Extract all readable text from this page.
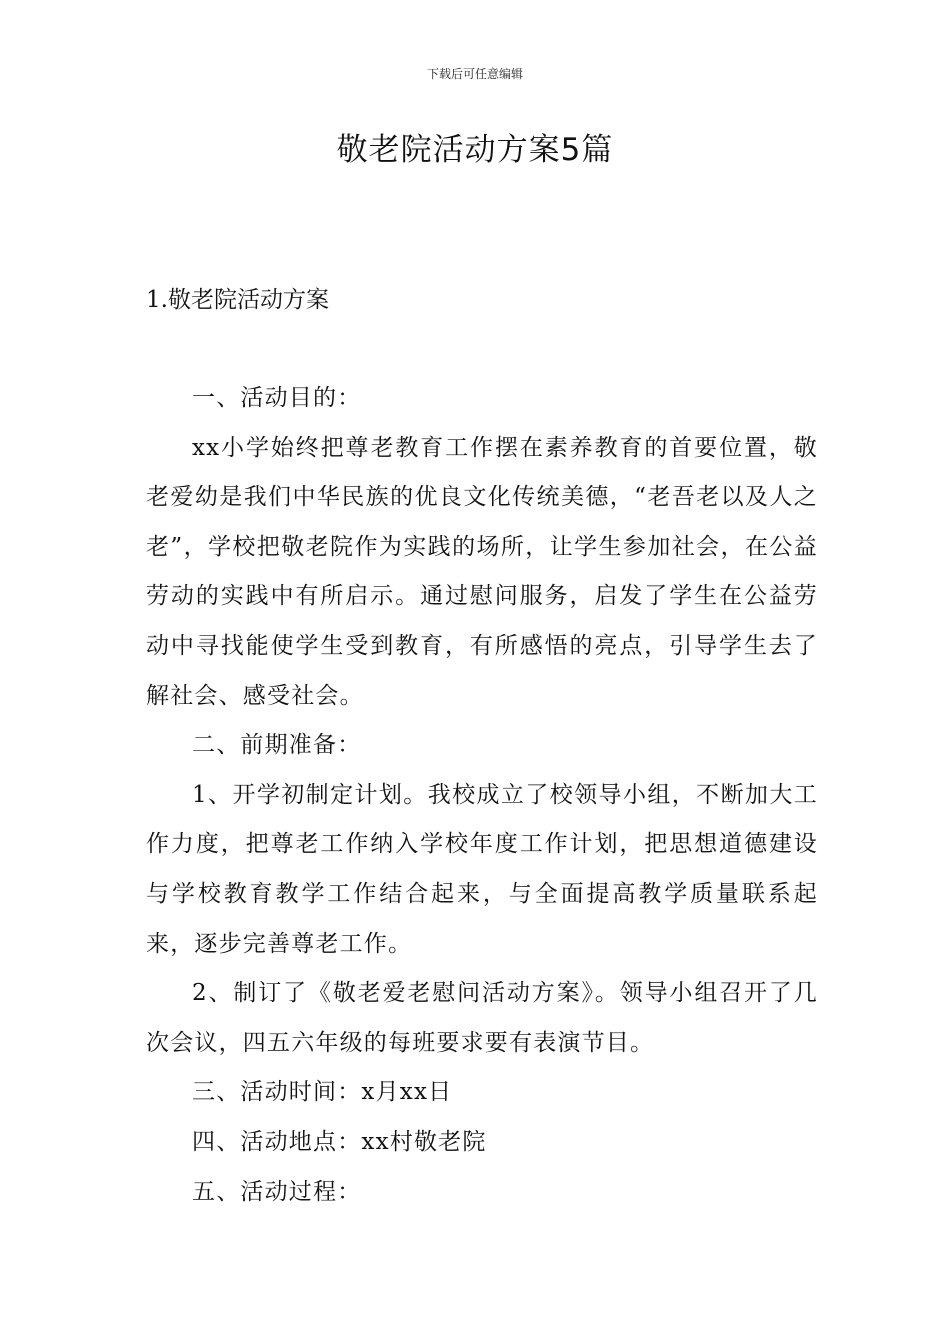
下载后可任意编辑
敬老院活动方案5篇
1.敬老院活动方案

一、活动目的：

xx小学始终把尊老教育工作摆在素养教育的首要位置，敬老爱幼是我们中华民族的优良文化传统美德，“老吾老以及人之老”，学校把敬老院作为实践的场所，让学生参加社会，在公益劳动的实践中有所启示。通过慰问服务，启发了学生在公益劳动中寻找能使学生受到教育，有所感悟的亮点，引导学生去了解社会、感受社会。

二、前期准备：

1、开学初制定计划。我校成立了校领导小组，不断加大工作力度，把尊老工作纳入学校年度工作计划，把思想道德建设与学校教育教学工作结合起来，与全面提高教学质量联系起来，逐步完善尊老工作。

2、制订了《敬老爱老慰问活动方案》。领导小组召开了几次会议，四五六年级的每班要求要有表演节目。

三、活动时间：x月xx日

四、活动地点：xx村敬老院

五、活动过程：
